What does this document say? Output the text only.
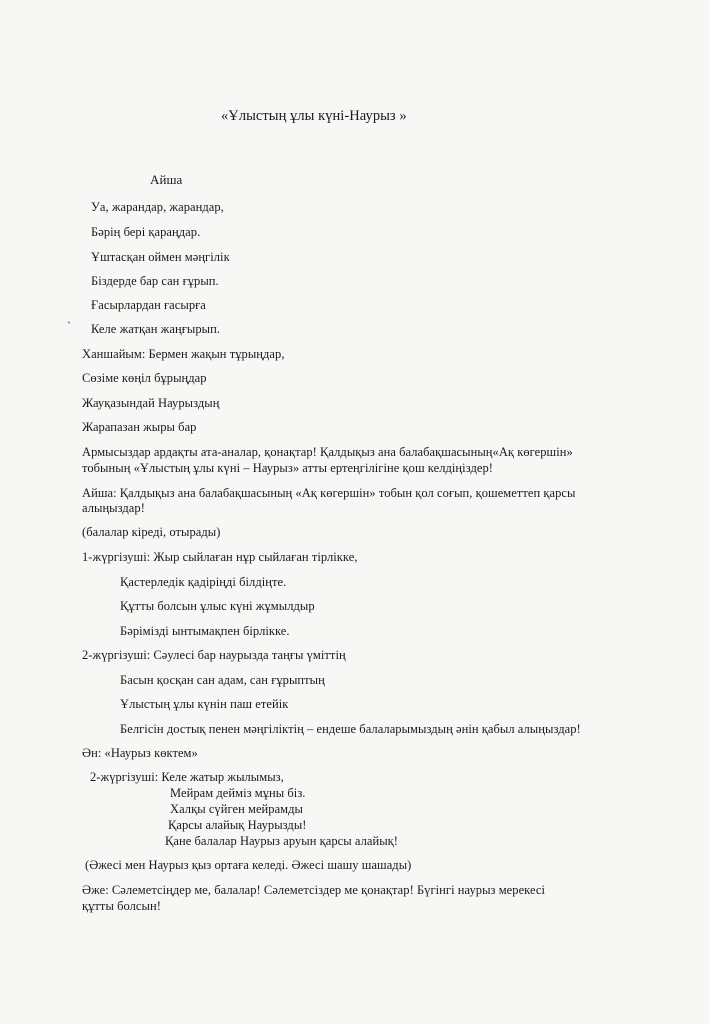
«Ұлыстың ұлы күні-Наурыз »
Айша
Уа, жарандар, жарандар,
Бәрің бері қараңдар.
Ұштасқан оймен мәңгілік
Біздерде бар сан ғұрып.
Ғасырлардан ғасырға
` Келе жатқан жаңғырып.
Ханшайым: Бермен жақын тұрыңдар,
Сөзіме көңіл бұрыңдар
Жауқазындай Наурыздың
Жарапазан жыры бар
Армысыздар ардақты ата-аналар, қонақтар! Қалдықыз ана балабақшасының«Ақ көгершін»
тобының «Ұлыстың ұлы күні – Наурыз» атты ертеңгілігіне қош келдіңіздер!
Айша: Қалдықыз ана балабақшасының «Ақ көгершін» тобын қол соғып, қошеметтеп қарсы
алыңыздар!
(балалар кіреді, отырады)
1-жүргізуші: Жыр сыйлаған нұр сыйлаған тірлікке,
Қастерледік қадіріңді білдіңте.
Құтты болсын ұлыс күні жұмылдыр
Бәрімізді ынтымақпен бірлікке.
2-жүргізуші: Сәулесі бар наурызда таңғы үміттің
Басын қосқан сан адам, сан ғұрыптың
Ұлыстың ұлы күнін паш етейік
Белгісін достық пенен мәңгіліктің – ендеше балаларымыздың әнін қабыл алыңыздар!
Ән: «Наурыз көктем»
2-жүргізуші: Келе жатыр жылымыз,
Мейрам дейміз мұны біз.
Халқы сүйген мейрамды
Қарсы алайық Наурызды!
Қане балалар Наурыз аруын қарсы алайық!
(Әжесі мен Наурыз қыз ортаға келеді. Әжесі шашу шашады)
Әже: Сәлеметсіңдер ме, балалар! Сәлеметсіздер ме қонақтар! Бүгінгі наурыз мерекесі
құтты болсын!
